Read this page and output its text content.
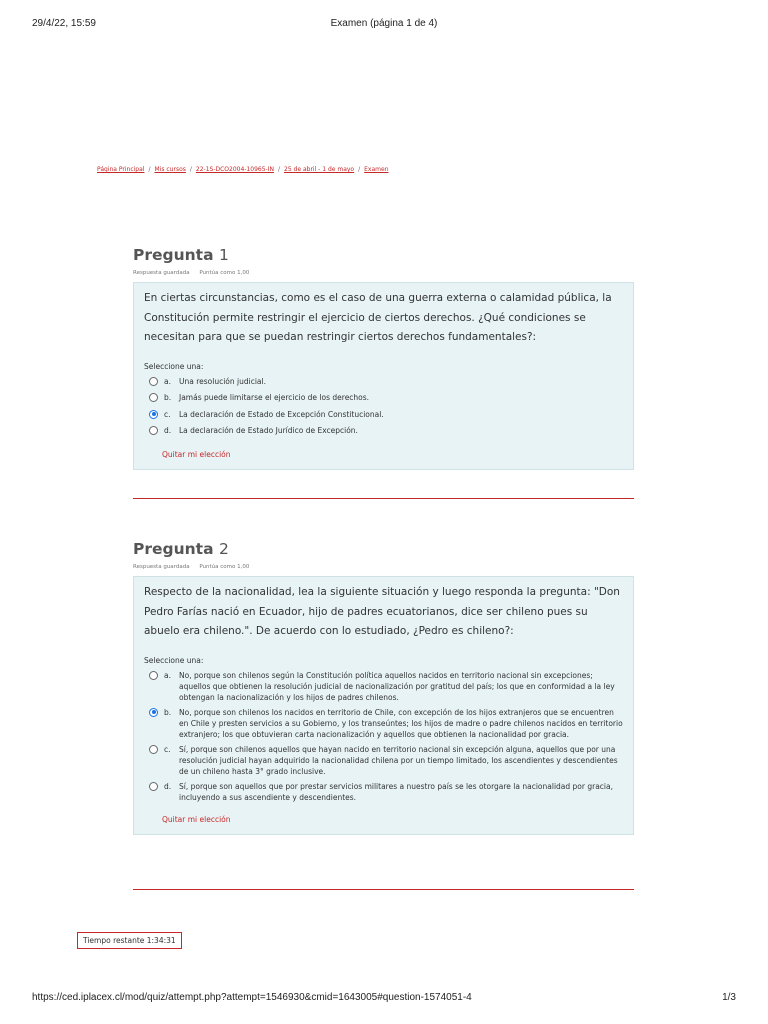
29/4/22, 15:59	Examen (página 1 de 4)
Página Principal / Mis cursos / 22-1S-DCO2004-10965-IN / 25 de abril - 1 de mayo / Examen
Pregunta 1
Respuesta guardada Puntúa como 1,00

En ciertas circunstancias, como es el caso de una guerra externa o calamidad pública, la Constitución permite restringir el ejercicio de ciertos derechos. ¿Qué condiciones se necesitan para que se puedan restringir ciertos derechos fundamentales?:

Seleccione una:
a.	Una resolución judicial.
b.	Jamás puede limitarse el ejercicio de los derechos.
c.	La declaración de Estado de Excepción Constitucional.
d.	La declaración de Estado Jurídico de Excepción.
Quitar mi elección
Pregunta 2
Respuesta guardada Puntúa como 1,00

Respecto de la nacionalidad, lea la siguiente situación y luego responda la pregunta: "Don Pedro Farías nació en Ecuador, hijo de padres ecuatorianos, dice ser chileno pues su abuelo era chileno.". De acuerdo con lo estudiado, ¿Pedro es chileno?:

Seleccione una:
a.	No, porque son chilenos según la Constitución política aquellos nacidos en territorio nacional sin excepciones; aquellos que obtienen la resolución judicial de nacionalización por gratitud del país; los que en conformidad a la ley obtengan la nacionalización y los hijos de padres chilenos.
b.	No, porque son chilenos los nacidos en territorio de Chile, con excepción de los hijos extranjeros que se encuentren en Chile y presten servicios a su Gobierno, y los transeúntes; los hijos de madre o padre chilenos nacidos en territorio extranjero; los que obtuvieran carta nacionalización y aquellos que obtienen la nacionalidad por gracia.
c.	Sí, porque son chilenos aquellos que hayan nacido en territorio nacional sin excepción alguna, aquellos que por una resolución judicial hayan adquirido la nacionalidad chilena por un tiempo limitado, los ascendientes y descendientes de un chileno hasta 3° grado inclusive.
d.	Sí, porque son aquellos que por prestar servicios militares a nuestro país se les otorgare la nacionalidad por gracia, incluyendo a sus ascendiente y descendientes.
Quitar mi elección
Tiempo restante 1:34:31
https://ced.iplacex.cl/mod/quiz/attempt.php?attempt=1546930&cmid=1643005#question-1574051-4	1/3
